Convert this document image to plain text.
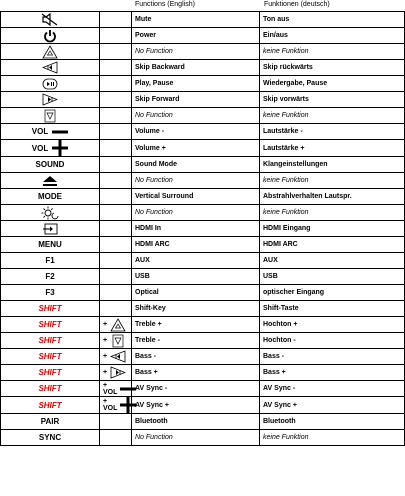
Functions (English)	Funktionen (deutsch)
		Mute	Ton aus

		Power	Ein/aus

		No Function	keine Funktion

		Skip Backward	Skip rückwärts

		Play, Pause	Wiedergabe, Pause

		Skip Forward	Skip vorwärts

		No Function	keine Funktion

VOL		Volume -	Lautstärke -

VOL		Volume +	Lautstärke +
SOUND		Sound Mode	Klangeinstellungen

		No Function	keine Funktion
MODE		Vertical Surround	Abstrahlverhalten Lautspr.

		No Function	keine Funktion

		HDMI In	HDMI Eingang
MENU		HDMI ARC	HDMI ARC
F1		AUX	AUX
F2		USB	USB
F3		Optical	optischer Eingang
SHIFT		Shift-Key	Shift-Taste
SHIFT	+	Treble +	Hochton +
SHIFT	+	Treble -	Hochton -
SHIFT	+	Bass -	Bass -
SHIFT	+	Bass +	Bass +
SHIFT	+ VOL	AV Sync -	AV Sync -
SHIFT	+ VOL	AV Sync +	AV Sync +
PAIR		Bluetooth	Bluetooth
SYNC		No Function	keine Funktion
